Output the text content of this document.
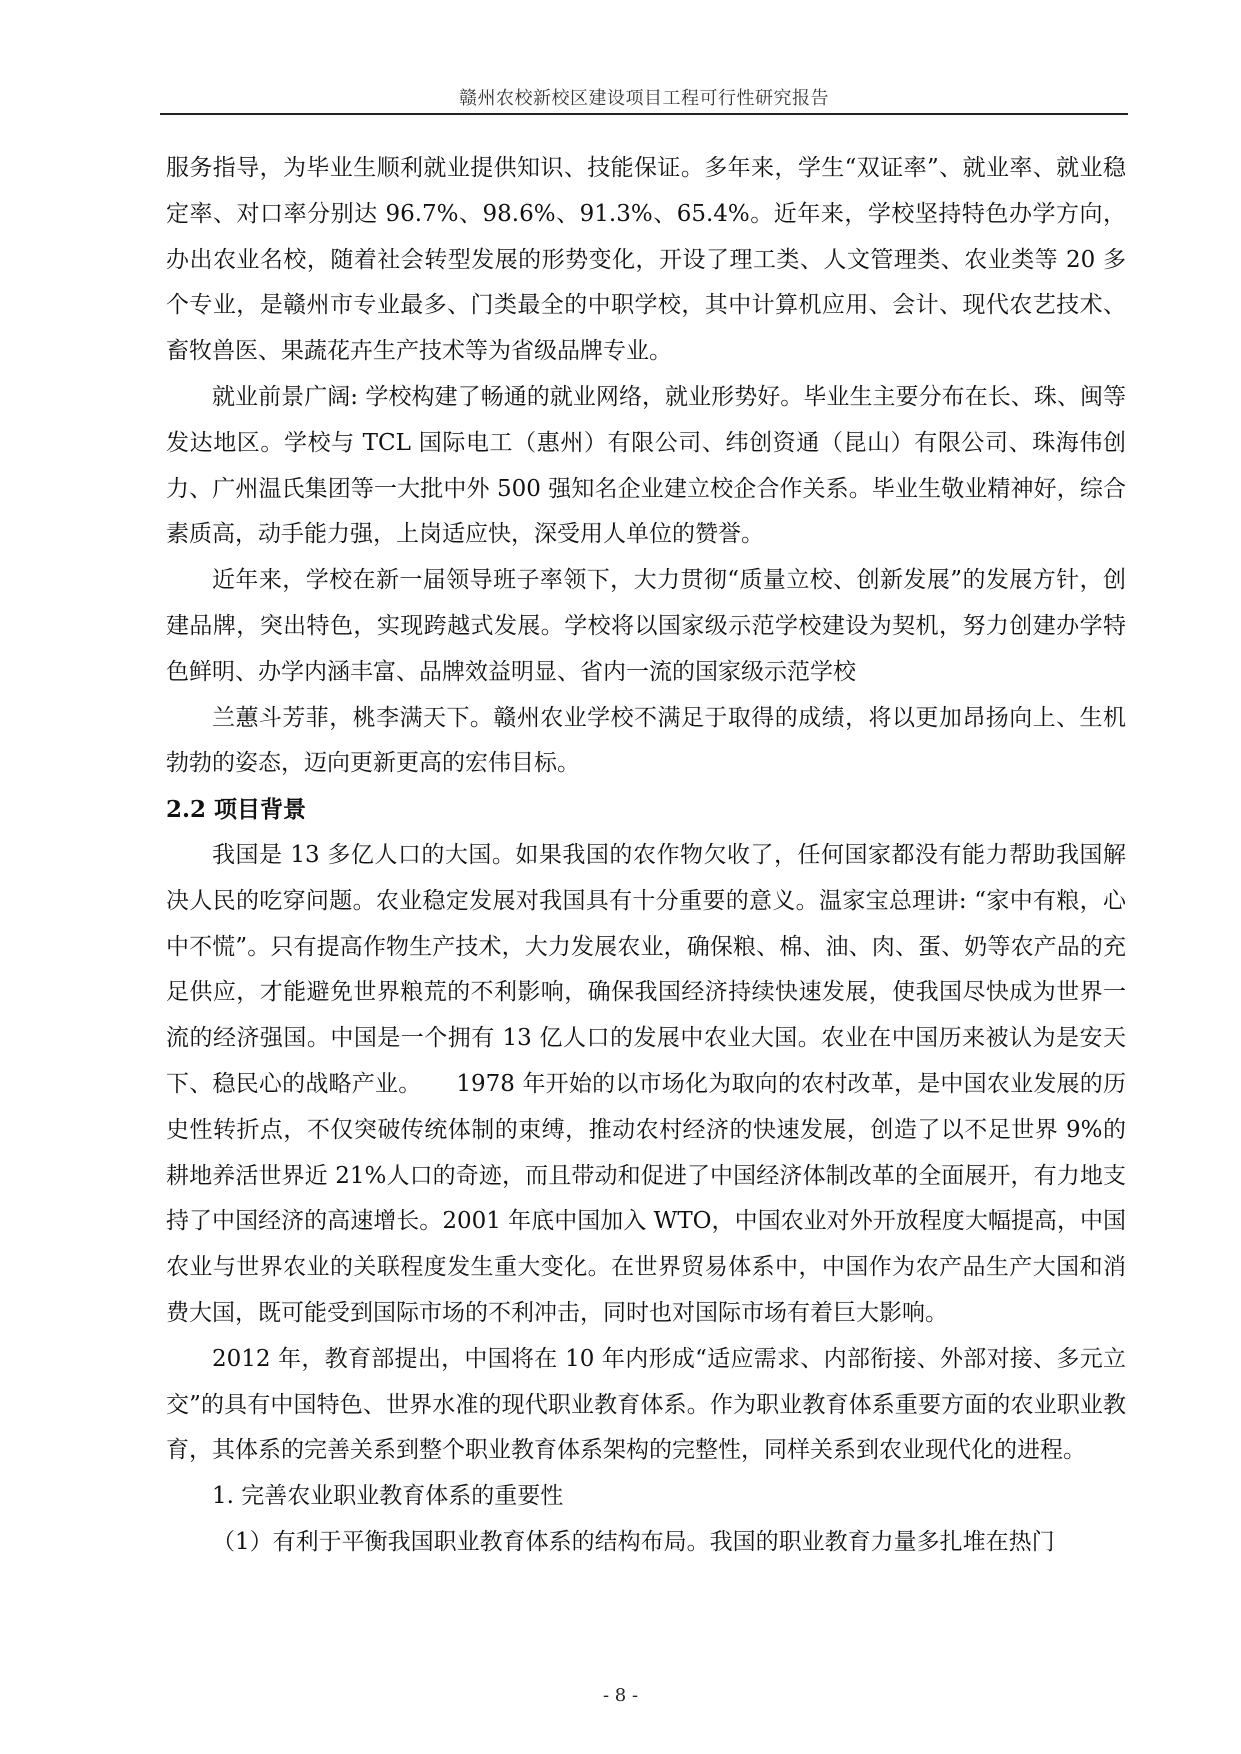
赣州农校新校区建设项目工程可行性研究报告

服务指导，为毕业生顺利就业提供知识、技能保证。多年来，学生“双证率”、就业率、就业稳定率、对口率分别达 96.7%、98.6%、91.3%、65.4%。近年来，学校坚持特色办学方向，办出农业名校，随着社会转型发展的形势变化，开设了理工类、人文管理类、农业类等 20 多个专业，是赣州市专业最多、门类最全的中职学校，其中计算机应用、会计、现代农艺技术、畜牧兽医、果蔬花卉生产技术等为省级品牌专业。

就业前景广阔: 学校构建了畅通的就业网络，就业形势好。毕业生主要分布在长、珠、闽等发达地区。学校与 TCL 国际电工（惠州）有限公司、纬创资通（昆山）有限公司、珠海伟创力、广州温氏集团等一大批中外 500 强知名企业建立校企合作关系。毕业生敬业精神好，综合素质高，动手能力强，上岗适应快，深受用人单位的赞誉。

近年来，学校在新一届领导班子率领下，大力贯彻“质量立校、创新发展”的发展方针，创建品牌，突出特色，实现跨越式发展。学校将以国家级示范学校建设为契机，努力创建办学特色鲜明、办学内涵丰富、品牌效益明显、省内一流的国家级示范学校

兰蕙斗芳菲，桃李满天下。赣州农业学校不满足于取得的成绩，将以更加昂扬向上、生机勃勃的姿态，迈向更新更高的宏伟目标。

2.2 项目背景

我国是 13 多亿人口的大国。如果我国的农作物欠收了，任何国家都没有能力帮助我国解决人民的吃穿问题。农业稳定发展对我国具有十分重要的意义。温家宝总理讲: “家中有粮，心中不慌”。只有提高作物生产技术，大力发展农业，确保粮、棉、油、肉、蛋、奶等农产品的充足供应，才能避免世界粮荒的不利影响，确保我国经济持续快速发展，使我国尽快成为世界一流的经济强国。中国是一个拥有 13 亿人口的发展中农业大国。农业在中国历来被认为是安天下、稳民心的战略产业。　　1978 年开始的以市场化为取向的农村改革，是中国农业发展的历史性转折点，不仅突破传统体制的束缚，推动农村经济的快速发展，创造了以不足世界 9%的耕地养活世界近 21%人口的奇迹，而且带动和促进了中国经济体制改革的全面展开，有力地支持了中国经济的高速增长。2001 年底中国加入 WTO，中国农业对外开放程度大幅提高，中国农业与世界农业的关联程度发生重大变化。在世界贸易体系中，中国作为农产品生产大国和消费大国，既可能受到国际市场的不利冲击，同时也对国际市场有着巨大影响。

2012 年，教育部提出，中国将在 10 年内形成“适应需求、内部衔接、外部对接、多元立交”的具有中国特色、世界水准的现代职业教育体系。作为职业教育体系重要方面的农业职业教育，其体系的完善关系到整个职业教育体系架构的完整性，同样关系到农业现代化的进程。

1. 完善农业职业教育体系的重要性

（1）有利于平衡我国职业教育体系的结构布局。我国的职业教育力量多扎堆在热门

- 8 -
